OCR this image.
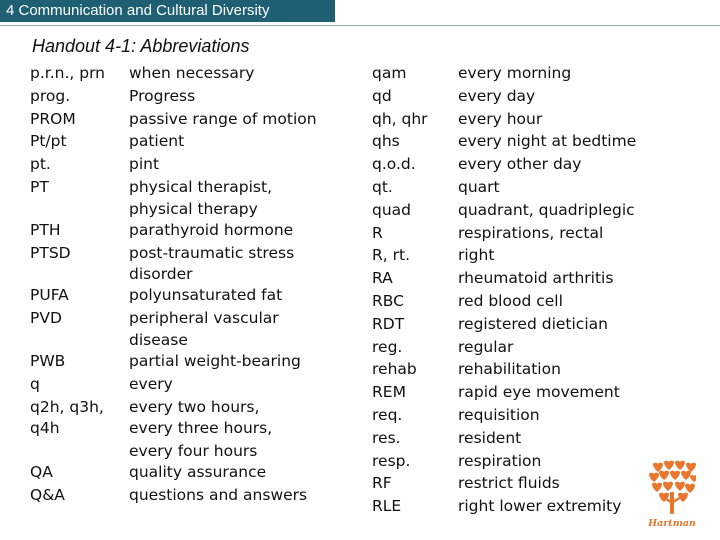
4 Communication and Cultural Diversity
Handout 4-1: Abbreviations
p.r.n., prn
prog.
PROM
Pt/pt
pt.
PT
PTH
PTSD
PUFA
PVD
PWB
q
q2h, q3h,
q4h
QA
Q&A
when necessary
Progress
passive range of motion
patient
pint
physical therapist,
physical therapy
parathyroid hormone
post-traumatic stress
disorder
polyunsaturated fat
peripheral vascular
disease
partial weight-bearing
every
every two hours,
every three hours,
every four hours
quality assurance
questions and answers
qam
qd
qh, qhr
qhs
q.o.d.
qt.
quad
R
R, rt.
RA
RBC
RDT
reg.
rehab
REM
req.
res.
resp.
RF
RLE
every morning
every day
every hour
every night at bedtime
every other day
quart
quadrant, quadriplegic
respirations, rectal
right
rheumatoid arthritis
red blood cell
registered dietician
regular
rehabilitation
rapid eye movement
requisition
resident
respiration
restrict fluids
right lower extremity
Hartman
